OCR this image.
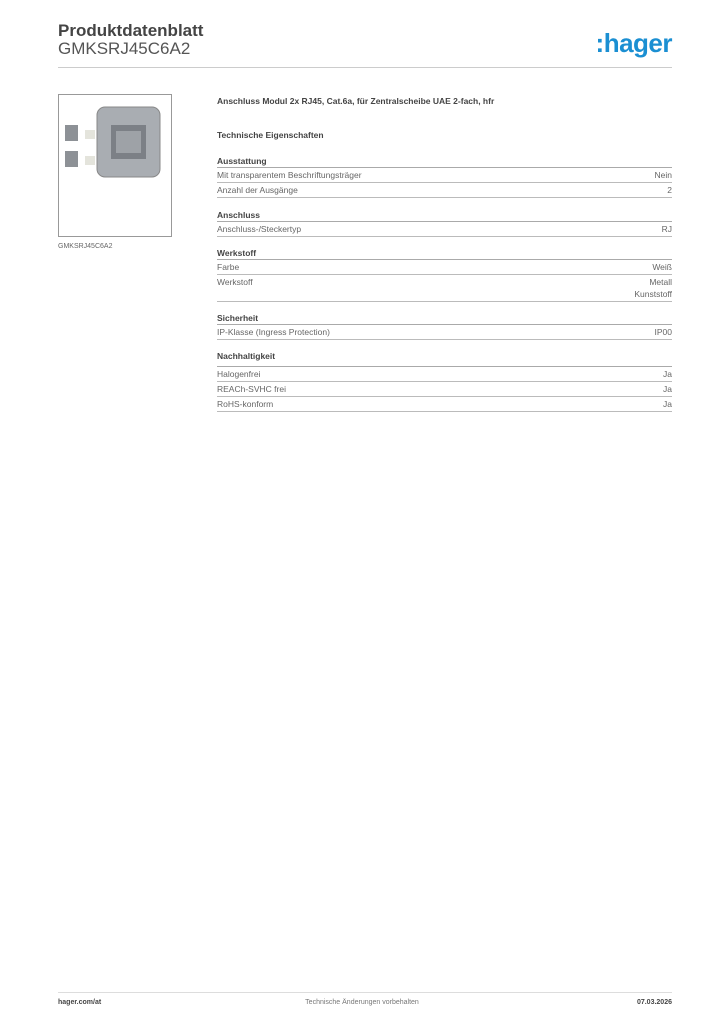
Produktdatenblatt
GMKSRJ45C6A2	:hager
GMKSRJ45C6A2
Anschluss Modul 2x RJ45, Cat.6a, für Zentralscheibe UAE 2-fach, hfr
Technische Eigenschaften
Ausstattung
Mit transparentem Beschriftungsträger	Nein
Anzahl der Ausgänge	2
Anschluss
Anschluss-/Steckertyp	RJ
Werkstoff
Farbe	Weiß
Werkstoff	Metall
Kunststoff
Sicherheit
IP-Klasse (Ingress Protection)	IP00
Nachhaltigkeit
Halogenfrei	Ja
REACh-SVHC frei	Ja
RoHS-konform	Ja
hager.com/at	Technische Änderungen vorbehalten	07.03.2026
